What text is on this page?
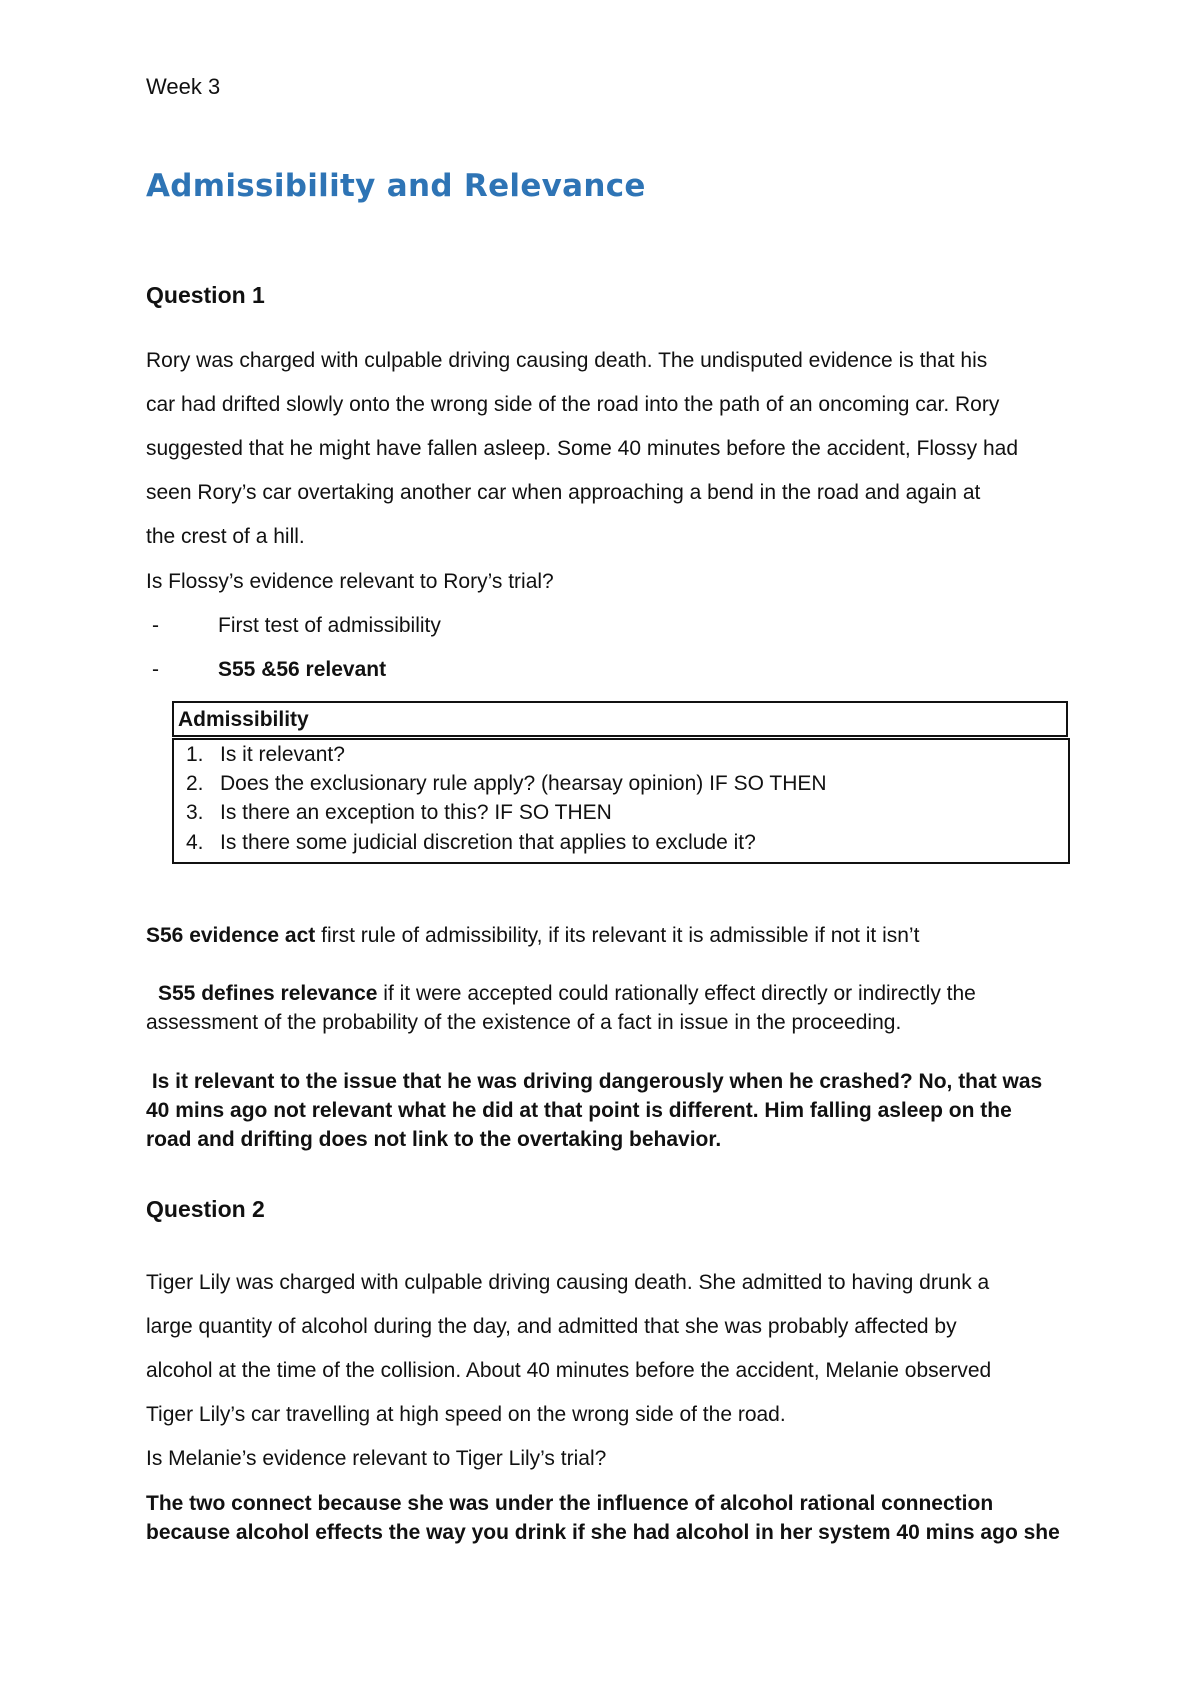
Week 3
Admissibility and Relevance
Question 1
Rory was charged with culpable driving causing death. The undisputed evidence is that his
car had drifted slowly onto the wrong side of the road into the path of an oncoming car. Rory
suggested that he might have fallen asleep. Some 40 minutes before the accident, Flossy had
seen Rory’s car overtaking another car when approaching a bend in the road and again at
the crest of a hill.
Is Flossy’s evidence relevant to Rory’s trial?
-	First test of admissibility
-	S55 &56 relevant
Admissibility
1. Is it relevant?
2. Does the exclusionary rule apply? (hearsay opinion) IF SO THEN
3. Is there an exception to this? IF SO THEN
4. Is there some judicial discretion that applies to exclude it?
S56 evidence act first rule of admissibility, if its relevant it is admissible if not it isn’t
S55 defines relevance if it were accepted could rationally effect directly or indirectly the
assessment of the probability of the existence of a fact in issue in the proceeding.
Is it relevant to the issue that he was driving dangerously when he crashed? No, that was
40 mins ago not relevant what he did at that point is different. Him falling asleep on the
road and drifting does not link to the overtaking behavior.
Question 2
Tiger Lily was charged with culpable driving causing death. She admitted to having drunk a
large quantity of alcohol during the day, and admitted that she was probably affected by
alcohol at the time of the collision. About 40 minutes before the accident, Melanie observed
Tiger Lily’s car travelling at high speed on the wrong side of the road.
Is Melanie’s evidence relevant to Tiger Lily’s trial?
The two connect because she was under the influence of alcohol rational connection
because alcohol effects the way you drink if she had alcohol in her system 40 mins ago she
